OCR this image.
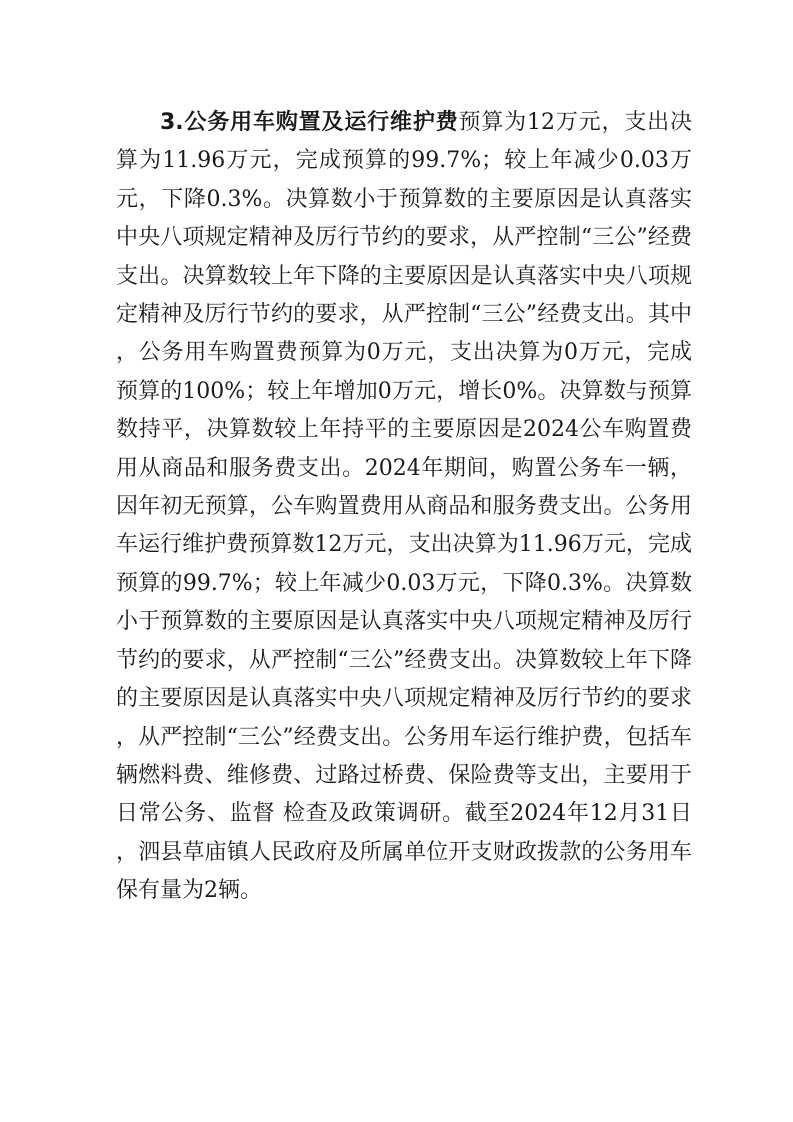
3.公务用车购置及运行维护费预算为12万元，支出决算为11.96万元，完成预算的99.7%；较上年减少0.03万元，下降0.3%。决算数小于预算数的主要原因是认真落实中央八项规定精神及厉行节约的要求，从严控制“三公”经费支出。决算数较上年下降的主要原因是认真落实中央八项规定精神及厉行节约的要求，从严控制“三公”经费支出。其中，公务用车购置费预算为0万元，支出决算为0万元，完成预算的100%；较上年增加0万元，增长0%。决算数与预算数持平，决算数较上年持平的主要原因是2024公车购置费用从商品和服务费支出。2024年期间，购置公务车一辆，因年初无预算，公车购置费用从商品和服务费支出。公务用车运行维护费预算数12万元，支出决算为11.96万元，完成预算的99.7%；较上年减少0.03万元，下降0.3%。决算数小于预算数的主要原因是认真落实中央八项规定精神及厉行节约的要求，从严控制“三公”经费支出。决算数较上年下降的主要原因是认真落实中央八项规定精神及厉行节约的要求，从严控制“三公”经费支出。公务用车运行维护费，包括车辆燃料费、维修费、过路过桥费、保险费等支出，主要用于日常公务、监督 检查及政策调研。截至2024年12月31日，泗县草庙镇人民政府及所属单位开支财政拨款的公务用车保有量为2辆。
